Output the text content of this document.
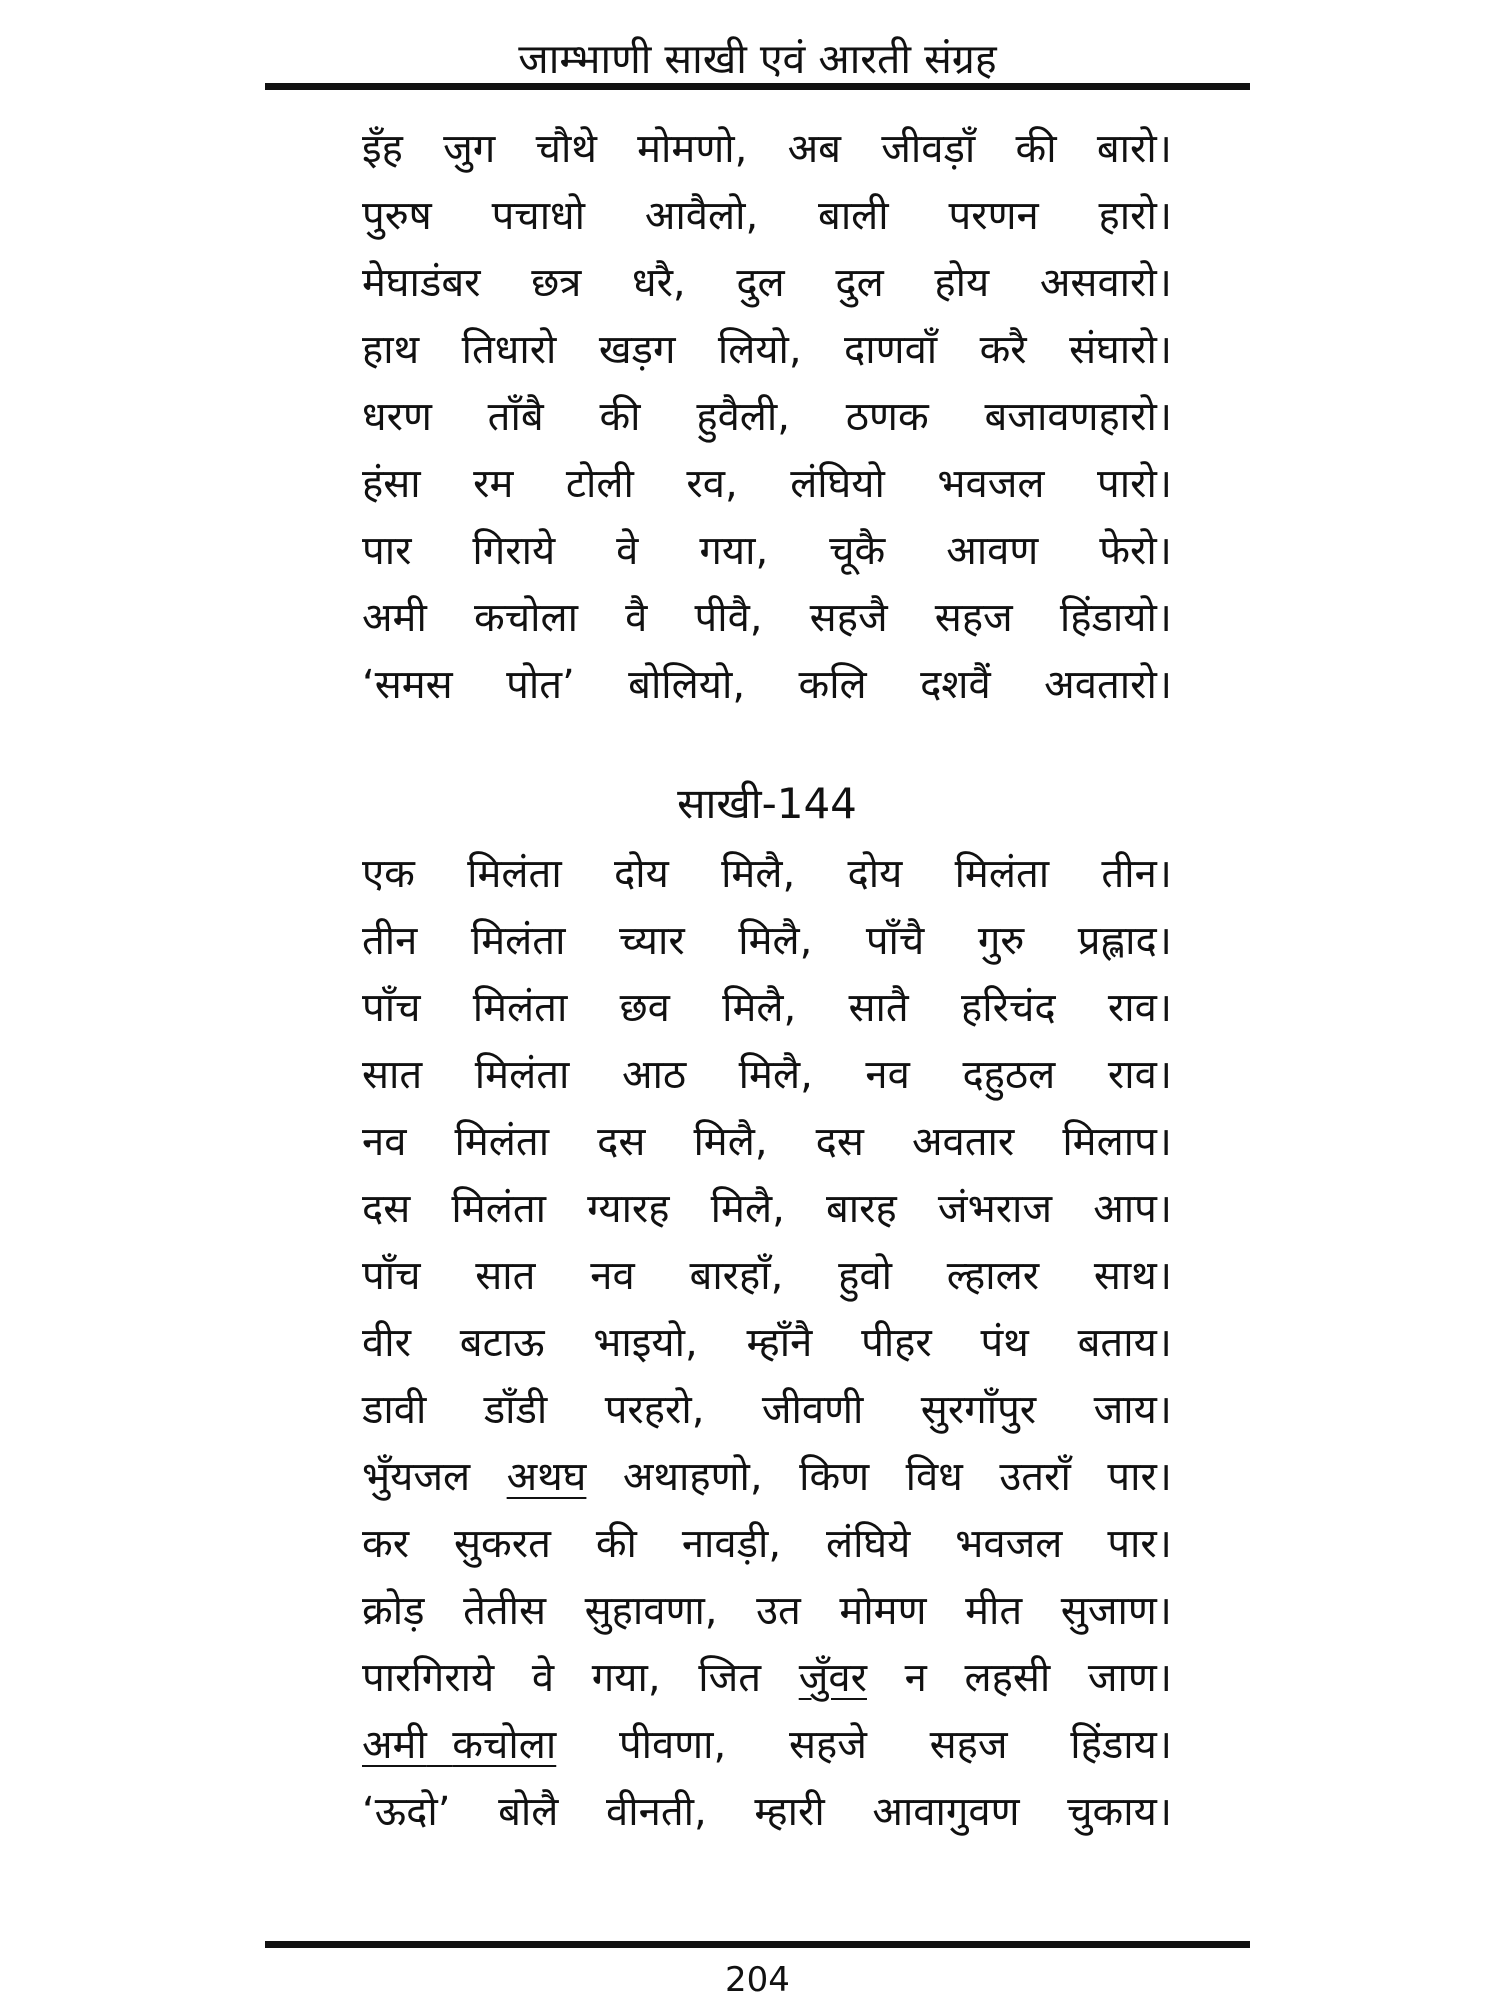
जाम्भाणी साखी एवं आरती संग्रह
इँह जुग चौथे मोमणो, अब जीवड़ाँ की बारो।
पुरुष पचाधो आवैलो, बाली परणन हारो।
मेघाडंबर छत्र धरै, दुल दुल होय असवारो।
हाथ तिधारो खड़ग लियो, दाणवाँ करै संघारो।
धरण ताँबै की हुवैली, ठणक बजावणहारो।
हंसा रम टोली रव, लंघियो भवजल पारो।
पार गिराये वे गया, चूकै आवण फेरो।
अमी कचोला वै पीवै, सहजै सहज हिंडायो।
‘समस पोत’ बोलियो, कलि दशवैं अवतारो।
साखी-144
एक मिलंता दोय मिलै, दोय मिलंता तीन।
तीन मिलंता च्यार मिलै, पाँचै गुरु प्रह्लाद।
पाँच मिलंता छव मिलै, सातै हरिचंद राव।
सात मिलंता आठ मिलै, नव दहुठल राव।
नव मिलंता दस मिलै, दस अवतार मिलाप।
दस मिलंता ग्यारह मिलै, बारह जंभराज आप।
पाँच सात नव बारहाँ, हुवो ल्हालर साथ।
वीर बटाऊ भाइयो, म्हाँनै पीहर पंथ बताय।
डावी डाँडी परहरो, जीवणी सुरगाँपुर जाय।
भुँयजल अथघ अथाहणो, किण विध उतराँ पार।
कर सुकरत की नावड़ी, लंघिये भवजल पार।
क्रोड़ तेतीस सुहावणा, उत मोमण मीत सुजाण।
पारगिराये वे गया, जित जुँवर न लहसी जाण।
अमी कचोला पीवणा, सहजे सहज हिंडाय।
‘ऊदो’ बोलै वीनती, म्हारी आवागुवण चुकाय।
204
